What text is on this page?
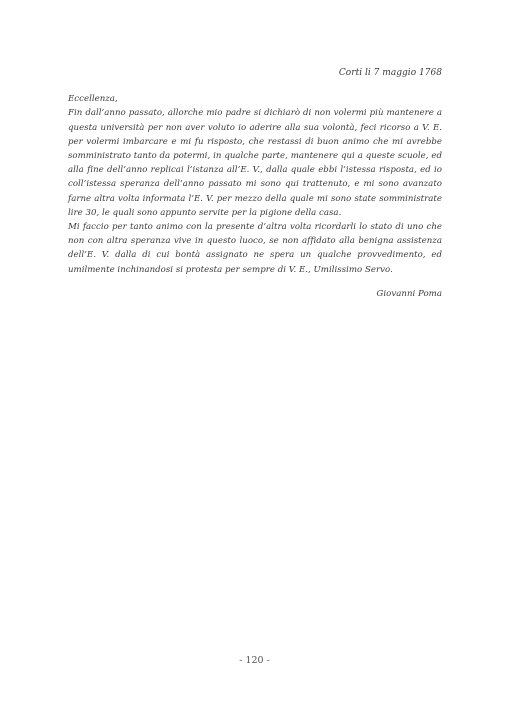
Corti li 7 maggio 1768

Eccellenza,

Fin dall’anno passato, allorche mio padre si dichiarò di non volermi più mantenere a questa università per non aver voluto io aderire alla sua volontà, feci ricorso a V. E. per volermi imbarcare e mi fu risposto, che restassi di buon animo che mi avrebbe somministrato tanto da potermi, in qualche parte, mantenere qui a queste scuole, ed alla fine dell’anno replicai l’istanza all’E. V., dalla quale ebbi l’istessa risposta, ed io coll’istessa speranza dell’anno passato mi sono qui trattenuto, e mi sono avanzato farne altra volta informata l’E. V. per mezzo della quale mi sono state somministrate lire 30, le quali sono appunto servite per la pigione della casa.

Mi faccio per tanto animo con la presente d’altra volta ricordarli lo stato di uno che non con altra speranza vive in questo luoco, se non affidato alla benigna assistenza dell’E. V. dalla di cui bontà assignato ne spera un qualche provvedimento, ed umilmente inchinandosi si protesta per sempre di V. E., Umilissimo Servo.

Giovanni Poma

- 120 -
